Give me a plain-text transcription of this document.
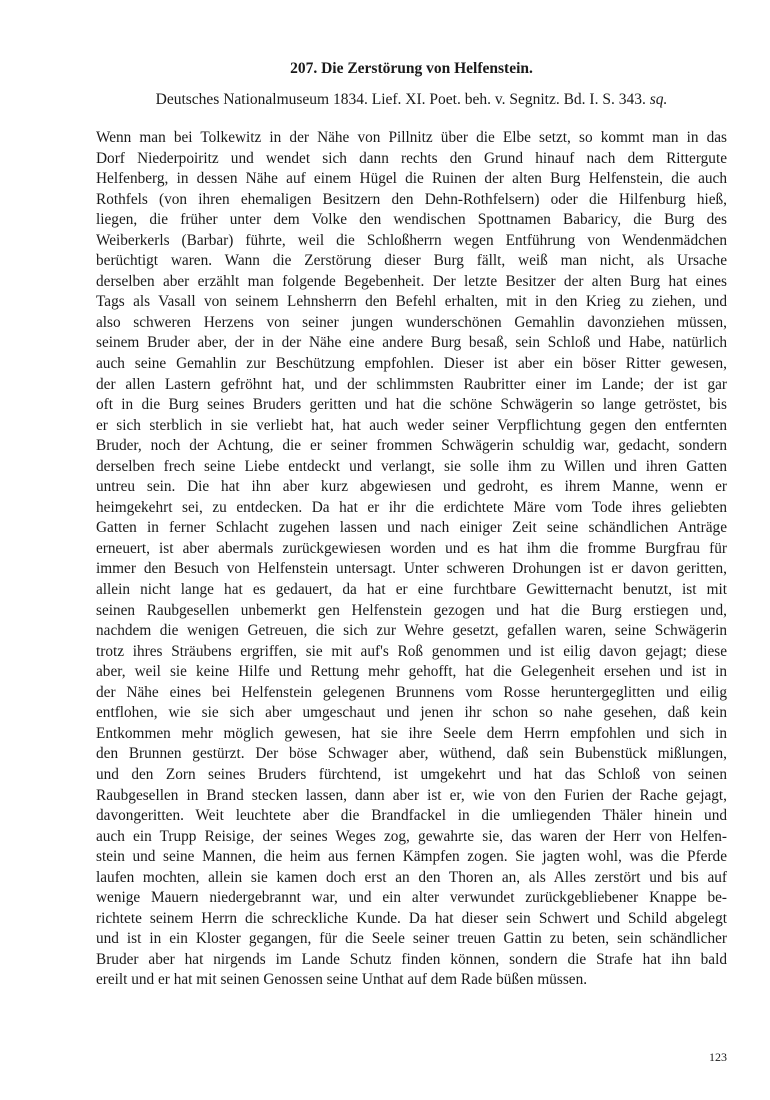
207. Die Zerstörung von Helfenstein.
Deutsches Nationalmuseum 1834. Lief. XI. Poet. beh. v. Segnitz. Bd. I. S. 343. sq.
Wenn man bei Tolkewitz in der Nähe von Pillnitz über die Elbe setzt, so kommt man in das
Dorf Niederpoiritz und wendet sich dann rechts den Grund hinauf nach dem Rittergute
Helfenberg, in dessen Nähe auf einem Hügel die Ruinen der alten Burg Helfenstein, die auch
Rothfels (von ihren ehemaligen Besitzern den Dehn-Rothfelsern) oder die Hilfenburg hieß,
liegen, die früher unter dem Volke den wendischen Spottnamen Babaricy, die Burg des
Weiberkerls (Barbar) führte, weil die Schloßherrn wegen Entführung von Wendenmädchen
berüchtigt waren. Wann die Zerstörung dieser Burg fällt, weiß man nicht, als Ursache
derselben aber erzählt man folgende Begebenheit. Der letzte Besitzer der alten Burg hat eines
Tags als Vasall von seinem Lehnsherrn den Befehl erhalten, mit in den Krieg zu ziehen, und
also schweren Herzens von seiner jungen wunderschönen Gemahlin davonziehen müssen,
seinem Bruder aber, der in der Nähe eine andere Burg besaß, sein Schloß und Habe, natürlich
auch seine Gemahlin zur Beschützung empfohlen. Dieser ist aber ein böser Ritter gewesen,
der allen Lastern gefröhnt hat, und der schlimmsten Raubritter einer im Lande; der ist gar
oft in die Burg seines Bruders geritten und hat die schöne Schwägerin so lange getröstet, bis
er sich sterblich in sie verliebt hat, hat auch weder seiner Verpflichtung gegen den entfernten
Bruder, noch der Achtung, die er seiner frommen Schwägerin schuldig war, gedacht, sondern
derselben frech seine Liebe entdeckt und verlangt, sie solle ihm zu Willen und ihren Gatten
untreu sein. Die hat ihn aber kurz abgewiesen und gedroht, es ihrem Manne, wenn er
heimgekehrt sei, zu entdecken. Da hat er ihr die erdichtete Märe vom Tode ihres geliebten
Gatten in ferner Schlacht zugehen lassen und nach einiger Zeit seine schändlichen Anträge
erneuert, ist aber abermals zurückgewiesen worden und es hat ihm die fromme Burgfrau für
immer den Besuch von Helfenstein untersagt. Unter schweren Drohungen ist er davon geritten,
allein nicht lange hat es gedauert, da hat er eine furchtbare Gewitternacht benutzt, ist mit
seinen Raubgesellen unbemerkt gen Helfenstein gezogen und hat die Burg erstiegen und,
nachdem die wenigen Getreuen, die sich zur Wehre gesetzt, gefallen waren, seine Schwägerin
trotz ihres Sträubens ergriffen, sie mit auf's Roß genommen und ist eilig davon gejagt; diese
aber, weil sie keine Hilfe und Rettung mehr gehofft, hat die Gelegenheit ersehen und ist in
der Nähe eines bei Helfenstein gelegenen Brunnens vom Rosse heruntergeglitten und eilig
entflohen, wie sie sich aber umgeschaut und jenen ihr schon so nahe gesehen, daß kein
Entkommen mehr möglich gewesen, hat sie ihre Seele dem Herrn empfohlen und sich in
den Brunnen gestürzt. Der böse Schwager aber, wüthend, daß sein Bubenstück mißlungen,
und den Zorn seines Bruders fürchtend, ist umgekehrt und hat das Schloß von seinen
Raubgesellen in Brand stecken lassen, dann aber ist er, wie von den Furien der Rache gejagt,
davongeritten. Weit leuchtete aber die Brandfackel in die umliegenden Thäler hinein und
auch ein Trupp Reisige, der seines Weges zog, gewahrte sie, das waren der Herr von Helfen-
stein und seine Mannen, die heim aus fernen Kämpfen zogen. Sie jagten wohl, was die Pferde
laufen mochten, allein sie kamen doch erst an den Thoren an, als Alles zerstört und bis auf
wenige Mauern niedergebrannt war, und ein alter verwundet zurückgebliebener Knappe be-
richtete seinem Herrn die schreckliche Kunde. Da hat dieser sein Schwert und Schild abgelegt
und ist in ein Kloster gegangen, für die Seele seiner treuen Gattin zu beten, sein schändlicher
Bruder aber hat nirgends im Lande Schutz finden können, sondern die Strafe hat ihn bald
ereilt und er hat mit seinen Genossen seine Unthat auf dem Rade büßen müssen.
123
